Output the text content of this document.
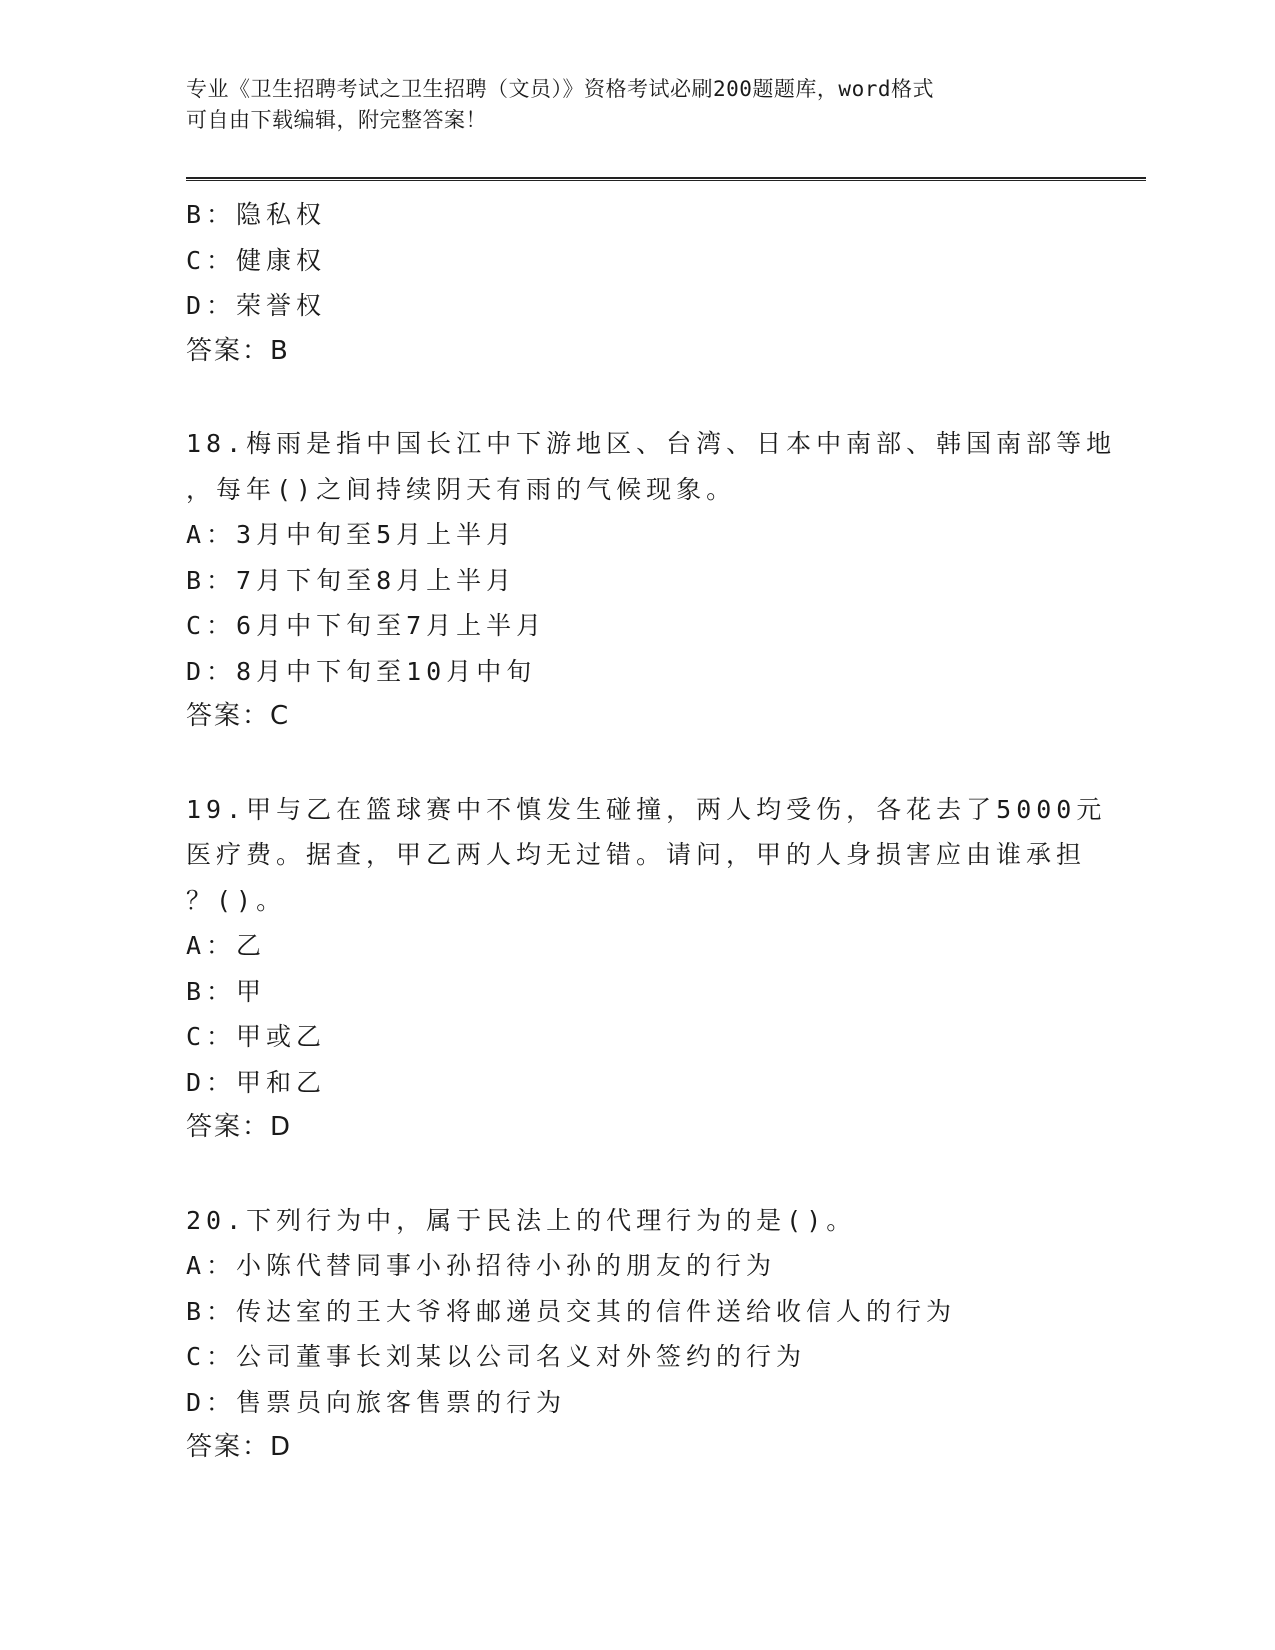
专业《卫生招聘考试之卫生招聘（文员）》资格考试必刷200题题库，word格式
可自由下载编辑，附完整答案！
B：隐私权
C：健康权
D：荣誉权
答案：B
18.梅雨是指中国长江中下游地区、台湾、日本中南部、韩国南部等地
，每年()之间持续阴天有雨的气候现象。
A：3月中旬至5月上半月
B：7月下旬至8月上半月
C：6月中下旬至7月上半月
D：8月中下旬至10月中旬
答案：C
19.甲与乙在篮球赛中不慎发生碰撞，两人均受伤，各花去了5000元
医疗费。据查，甲乙两人均无过错。请问，甲的人身损害应由谁承担
？()。
A：乙
B：甲
C：甲或乙
D：甲和乙
答案：D
20.下列行为中，属于民法上的代理行为的是()。
A：小陈代替同事小孙招待小孙的朋友的行为
B：传达室的王大爷将邮递员交其的信件送给收信人的行为
C：公司董事长刘某以公司名义对外签约的行为
D：售票员向旅客售票的行为
答案：D
